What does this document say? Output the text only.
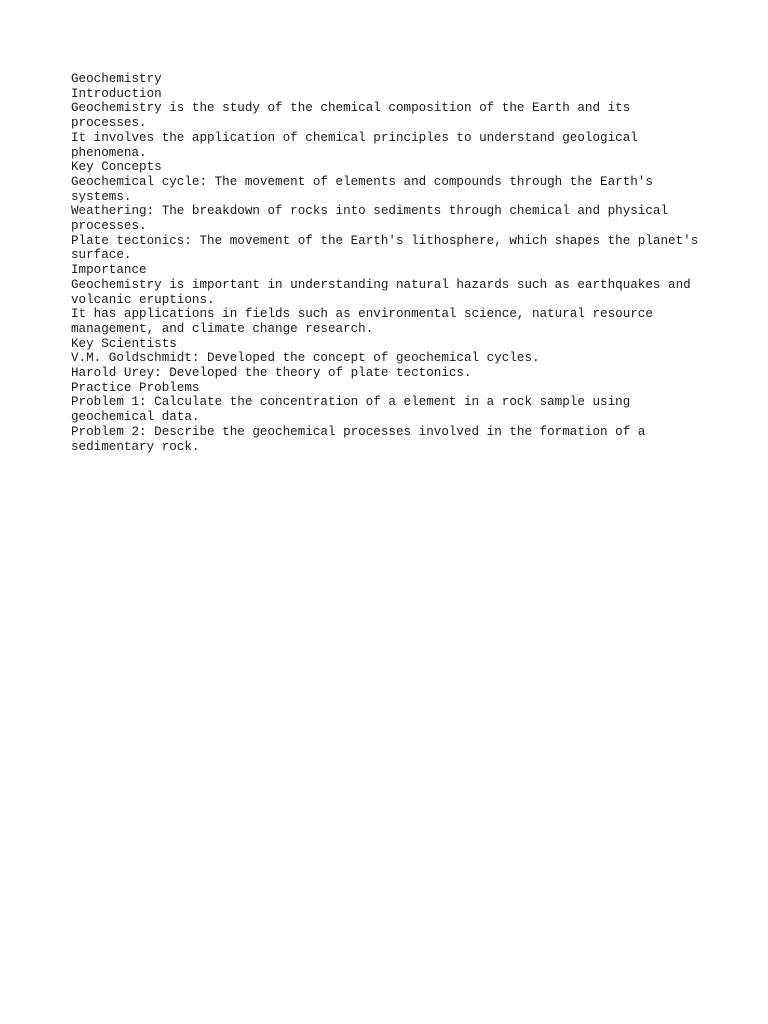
Geochemistry
Introduction
Geochemistry is the study of the chemical composition of the Earth and its processes.
It involves the application of chemical principles to understand geological phenomena.
Key Concepts
Geochemical cycle: The movement of elements and compounds through the Earth's systems.
Weathering: The breakdown of rocks into sediments through chemical and physical processes.
Plate tectonics: The movement of the Earth's lithosphere, which shapes the planet's surface.
Importance
Geochemistry is important in understanding natural hazards such as earthquakes and volcanic eruptions.
It has applications in fields such as environmental science, natural resource management, and climate change research.
Key Scientists
V.M. Goldschmidt: Developed the concept of geochemical cycles.
Harold Urey: Developed the theory of plate tectonics.
Practice Problems
Problem 1: Calculate the concentration of a element in a rock sample using geochemical data.
Problem 2: Describe the geochemical processes involved in the formation of a sedimentary rock.
